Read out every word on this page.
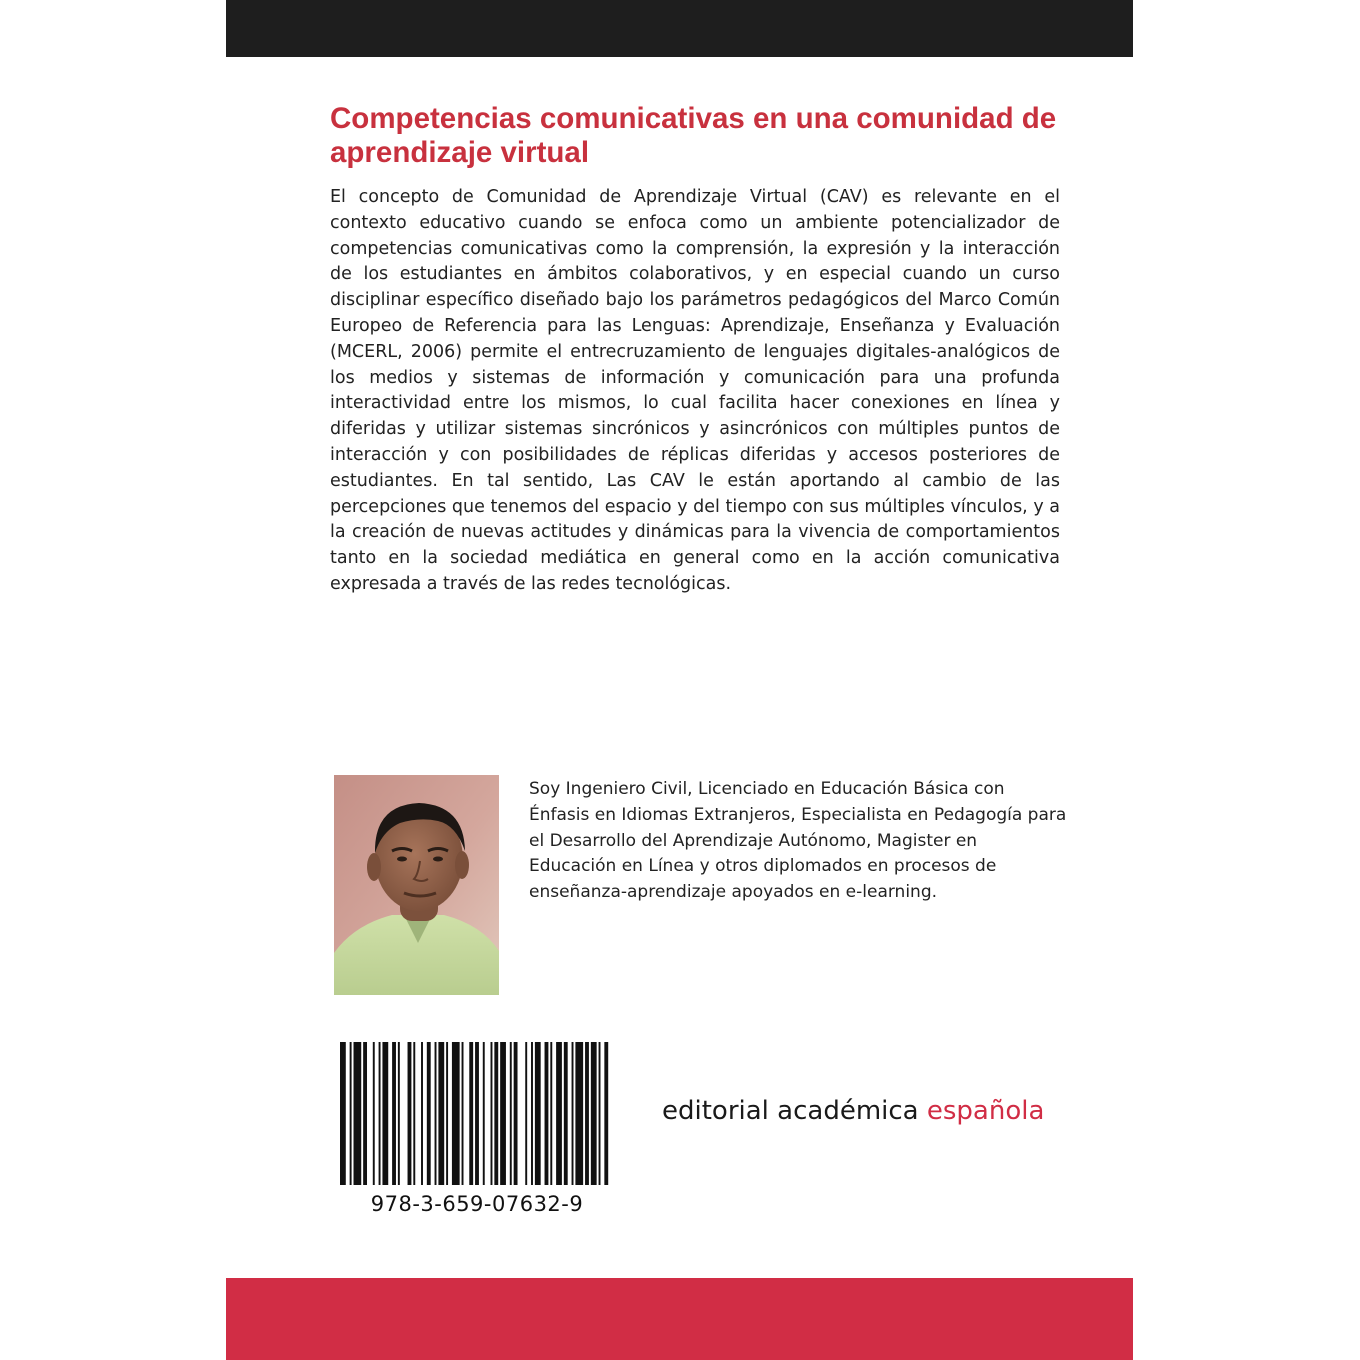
Competencias comunicativas en una comunidad de aprendizaje virtual

El concepto de Comunidad de Aprendizaje Virtual (CAV) es relevante en el contexto educativo cuando se enfoca como un ambiente potencializador de competencias comunicativas como la comprensión, la expresión y la interacción de los estudiantes en ámbitos colaborativos, y en especial cuando un curso disciplinar específico diseñado bajo los parámetros pedagógicos del Marco Común Europeo de Referencia para las Lenguas: Aprendizaje, Enseñanza y Evaluación (MCERL, 2006) permite el entrecruzamiento de lenguajes digitales-analógicos de los medios y sistemas de información y comunicación para una profunda interactividad entre los mismos, lo cual facilita hacer conexiones en línea y diferidas y utilizar sistemas sincrónicos y asincrónicos con múltiples puntos de interacción y con posibilidades de réplicas diferidas y accesos posteriores de estudiantes. En tal sentido, Las CAV le están aportando al cambio de las percepciones que tenemos del espacio y del tiempo con sus múltiples vínculos, y a la creación de nuevas actitudes y dinámicas para la vivencia de comportamientos tanto en la sociedad mediática en general como en la acción comunicativa expresada a través de las redes tecnológicas.

Soy Ingeniero Civil, Licenciado en Educación Básica con Énfasis en Idiomas Extranjeros, Especialista en Pedagogía para el Desarrollo del Aprendizaje Autónomo, Magister en Educación en Línea y otros diplomados en procesos de enseñanza-aprendizaje apoyados en e-learning.

978-3-659-07632-9
editorial académica española
